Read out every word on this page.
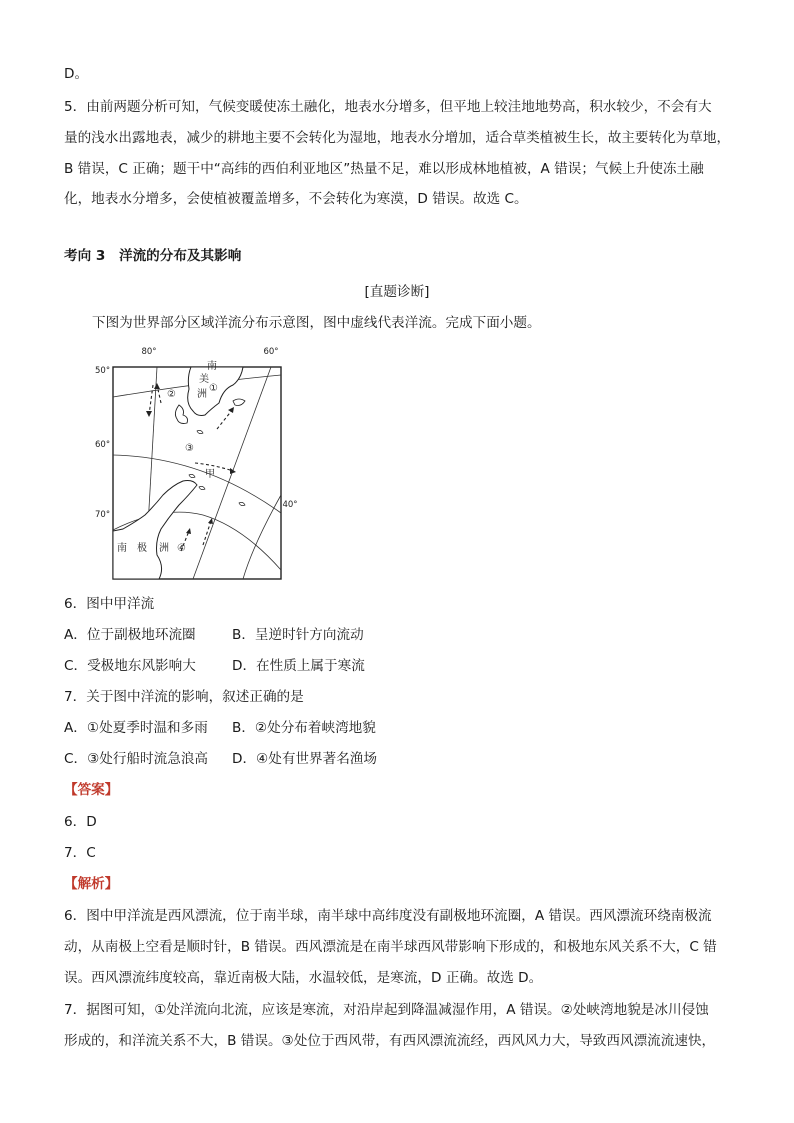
D。
5．由前两题分析可知，气候变暖使冻土融化，地表水分增多，但平地上较洼地地势高，积水较少，不会有大
量的浅水出露地表，减少的耕地主要不会转化为湿地，地表水分增加，适合草类植被生长，故主要转化为草地，
B 错误，C 正确；题干中“高纬的西伯利亚地区”热量不足，难以形成林地植被，A 错误；气候上升使冻土融
化，地表水分增多，会使植被覆盖增多，不会转化为寒漠，D 错误。故选 C。
考向 3　洋流的分布及其影响
[直题诊断]
下图为世界部分区域洋流分布示意图，图中虚线代表洋流。完成下面小题。
80°	60°
40°
50°
60°
70°
南
美
洲
南 极 洲
甲
①
②
③
④
6．图中甲洋流
A．位于副极地环流圈	B．呈逆时针方向流动
C．受极地东风影响大	D．在性质上属于寒流
7．关于图中洋流的影响，叙述正确的是
A．①处夏季时温和多雨 B．②处分布着峡湾地貌
C．③处行船时流急浪高 D．④处有世界著名渔场
【答案】
6．D
7．C
【解析】
6．图中甲洋流是西风漂流，位于南半球，南半球中高纬度没有副极地环流圈，A 错误。西风漂流环绕南极流
动，从南极上空看是顺时针，B 错误。西风漂流是在南半球西风带影响下形成的，和极地东风关系不大，C 错
误。西风漂流纬度较高，靠近南极大陆，水温较低，是寒流，D 正确。故选 D。
7．据图可知，①处洋流向北流，应该是寒流，对沿岸起到降温减湿作用，A 错误。②处峡湾地貌是冰川侵蚀
形成的，和洋流关系不大，B 错误。③处位于西风带，有西风漂流流经，西风风力大，导致西风漂流流速快，
